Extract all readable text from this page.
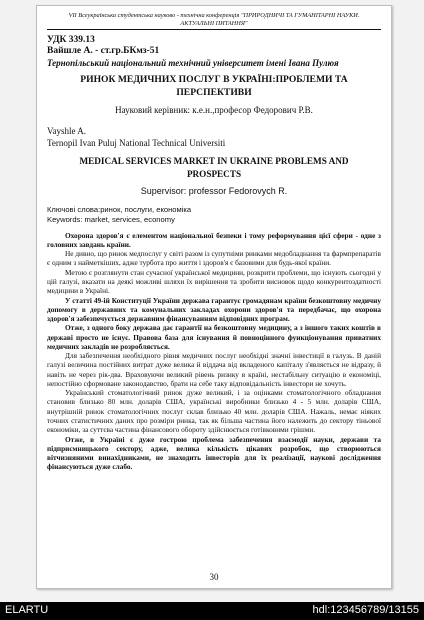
VII Всеукраїнська студентська науково - технічна конференція "ПРИРОДНИЧІ ТА ГУМАНІТАРНІ НАУКИ.
АКТУАЛЬНІ ПИТАННЯ"
УДК 339.13
Вайшле А. - ст.гр.БКмз-51
Тернопільський національний технічний університет імені Івана Пулюя
РИНОК МЕДИЧНИХ ПОСЛУГ В УКРАЇНІ:ПРОБЛЕМИ ТА
ПЕРСПЕКТИВИ
Науковий керівник: к.е.н.,професор Федорович Р.В.
Vayshle A.
Ternopil Ivan Puluj National Technical Universiti
MEDICAL SERVICES MARKET IN UKRAINE PROBLEMS AND
PROSPECTS
Supervisor: professor Fedorovych R.
Ключові слова:ринок, послуги, економіка
Keywords: market, services, economy

Охорона здоров'я є елементом національної безпеки і тому реформування цієї сфери - одне з головних завдань країни.

Не дивно, що ринок медпослуг у світі разом із супутніми ринками медобладнання та фармпрепаратів є одним з найметкіших, адже турбота про життя і здоров'я є базовими для будь-якої країни.

Метою є розглянути стан сучасної української медицини, розкрити проблеми, що існують сьогодні у цій галузі, вказати на деякі можливі шляхи їх вирішення та зробити висновок щодо конкурентоздатності медицини в Україні.

У статті 49-ій Конституції України держава гарантує громадянам країни безкоштовну медичну допомогу в державних та комунальних закладах охорони здоров'я та передбачає, що охорона здоров'я забезпечується державним фінансуванням відповідних програм.

Отже, з одного боку держава дає гарантії на безкоштовну медицину, а з іншого таких коштів в державі просто не існує. Правова база для існування й повноцінного функціонування приватних медичних закладів не розробляється.

Для забезпечення необхідного рівня медичних послуг необхідні значні інвестиції в галузь. В даній галузі величина постійних витрат дуже велика й віддача від вкладеного капіталу з'являється не відразу, й навіть не через рік-два. Враховуючи великий рівень ризику в країні, нестабільну ситуацію в економіці, непостійно сформоване законодавство, брати на себе таку відповідальність інвестори не хочуть.

Український стоматологічний ринок дуже великий, і за оцінками стоматологічного обладнання становив близько 80 млн. доларів США, українські виробники близько 4 - 5 млн. доларів США, внутрішній ринок стоматологічних послуг склав близько 40 млн. доларів США. Нажаль, немає ніяких точних статистичних даних про розміри ринка, так як більша частина його належить до сектору тіньової економіки, за суттєва частина фінансового обороту здійснюється готівковими грішми.

Отже, в Україні є дуже гострою проблема забезпечення взаємодії науки, держави та підприємницького сектору, адже, велика кількість цікавих розробок, що створюються вітчизняними винахідниками, не знаходить інвесторів для їх реалізації, наукові дослідження фінансуються дуже слабо.

30
ELARTU	hdl:123456789/13155
